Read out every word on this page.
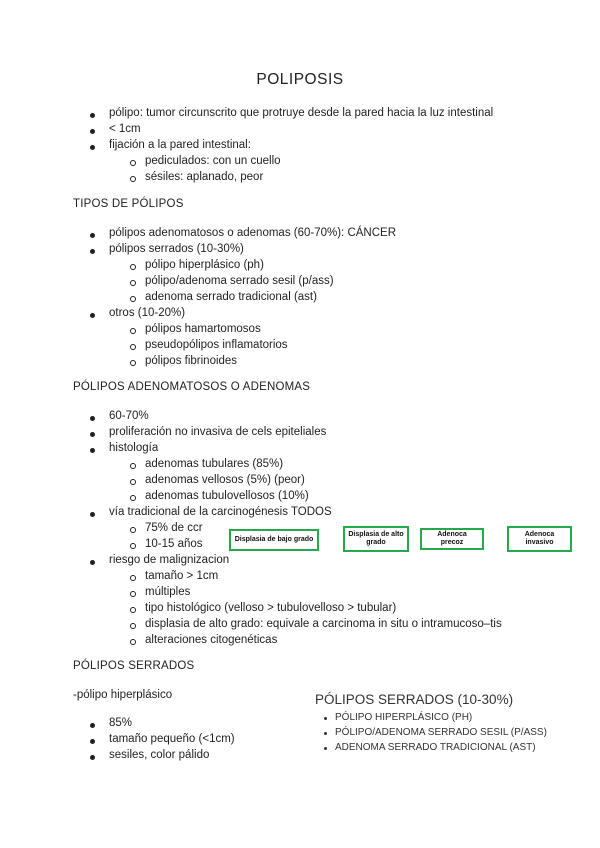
POLIPOSIS
pólipo: tumor circunscrito que protruye desde la pared hacia la luz intestinal
< 1cm
fijación a la pared intestinal:
pediculados: con un cuello
sésiles: aplanado, peor
TIPOS DE PÓLIPOS
pólipos adenomatosos o adenomas (60-70%): CÁNCER
pólipos serrados (10-30%)
pólipo hiperplásico (ph)
pólipo/adenoma serrado sesil (p/ass)
adenoma serrado tradicional (ast)
otros (10-20%)
pólipos hamartomosos
pseudopólipos inflamatorios
pólipos fibrinoides
PÓLIPOS ADENOMATOSOS O ADENOMAS
60-70%
proliferación no invasiva de cels epiteliales
histología
adenomas tubulares (85%)
adenomas vellosos (5%) (peor)
adenomas tubulovellosos (10%)
vía tradicional de la carcinogénesis TODOS
75% de ccr
10-15 años	Displasia de bajo grado
Displasia de alto grado
Adenoca precoz
Adenoca invasivo
riesgo de malignizacion
tamaño > 1cm
múltiples
tipo histológico (velloso > tubulovelloso > tubular)
displasia de alto grado: equivale a carcinoma in situ o intramucoso–tis
alteraciones citogenéticas
PÓLIPOS SERRADOS
-pólipo hiperplásico
85%
tamaño pequeño (<1cm)
sesiles, color pálido
PÓLIPOS SERRADOS (10-30%)
PÓLIPO HIPERPLÁSICO (PH)
PÓLIPO/ADENOMA SERRADO SESIL (P/ASS)
ADENOMA SERRADO TRADICIONAL (AST)
